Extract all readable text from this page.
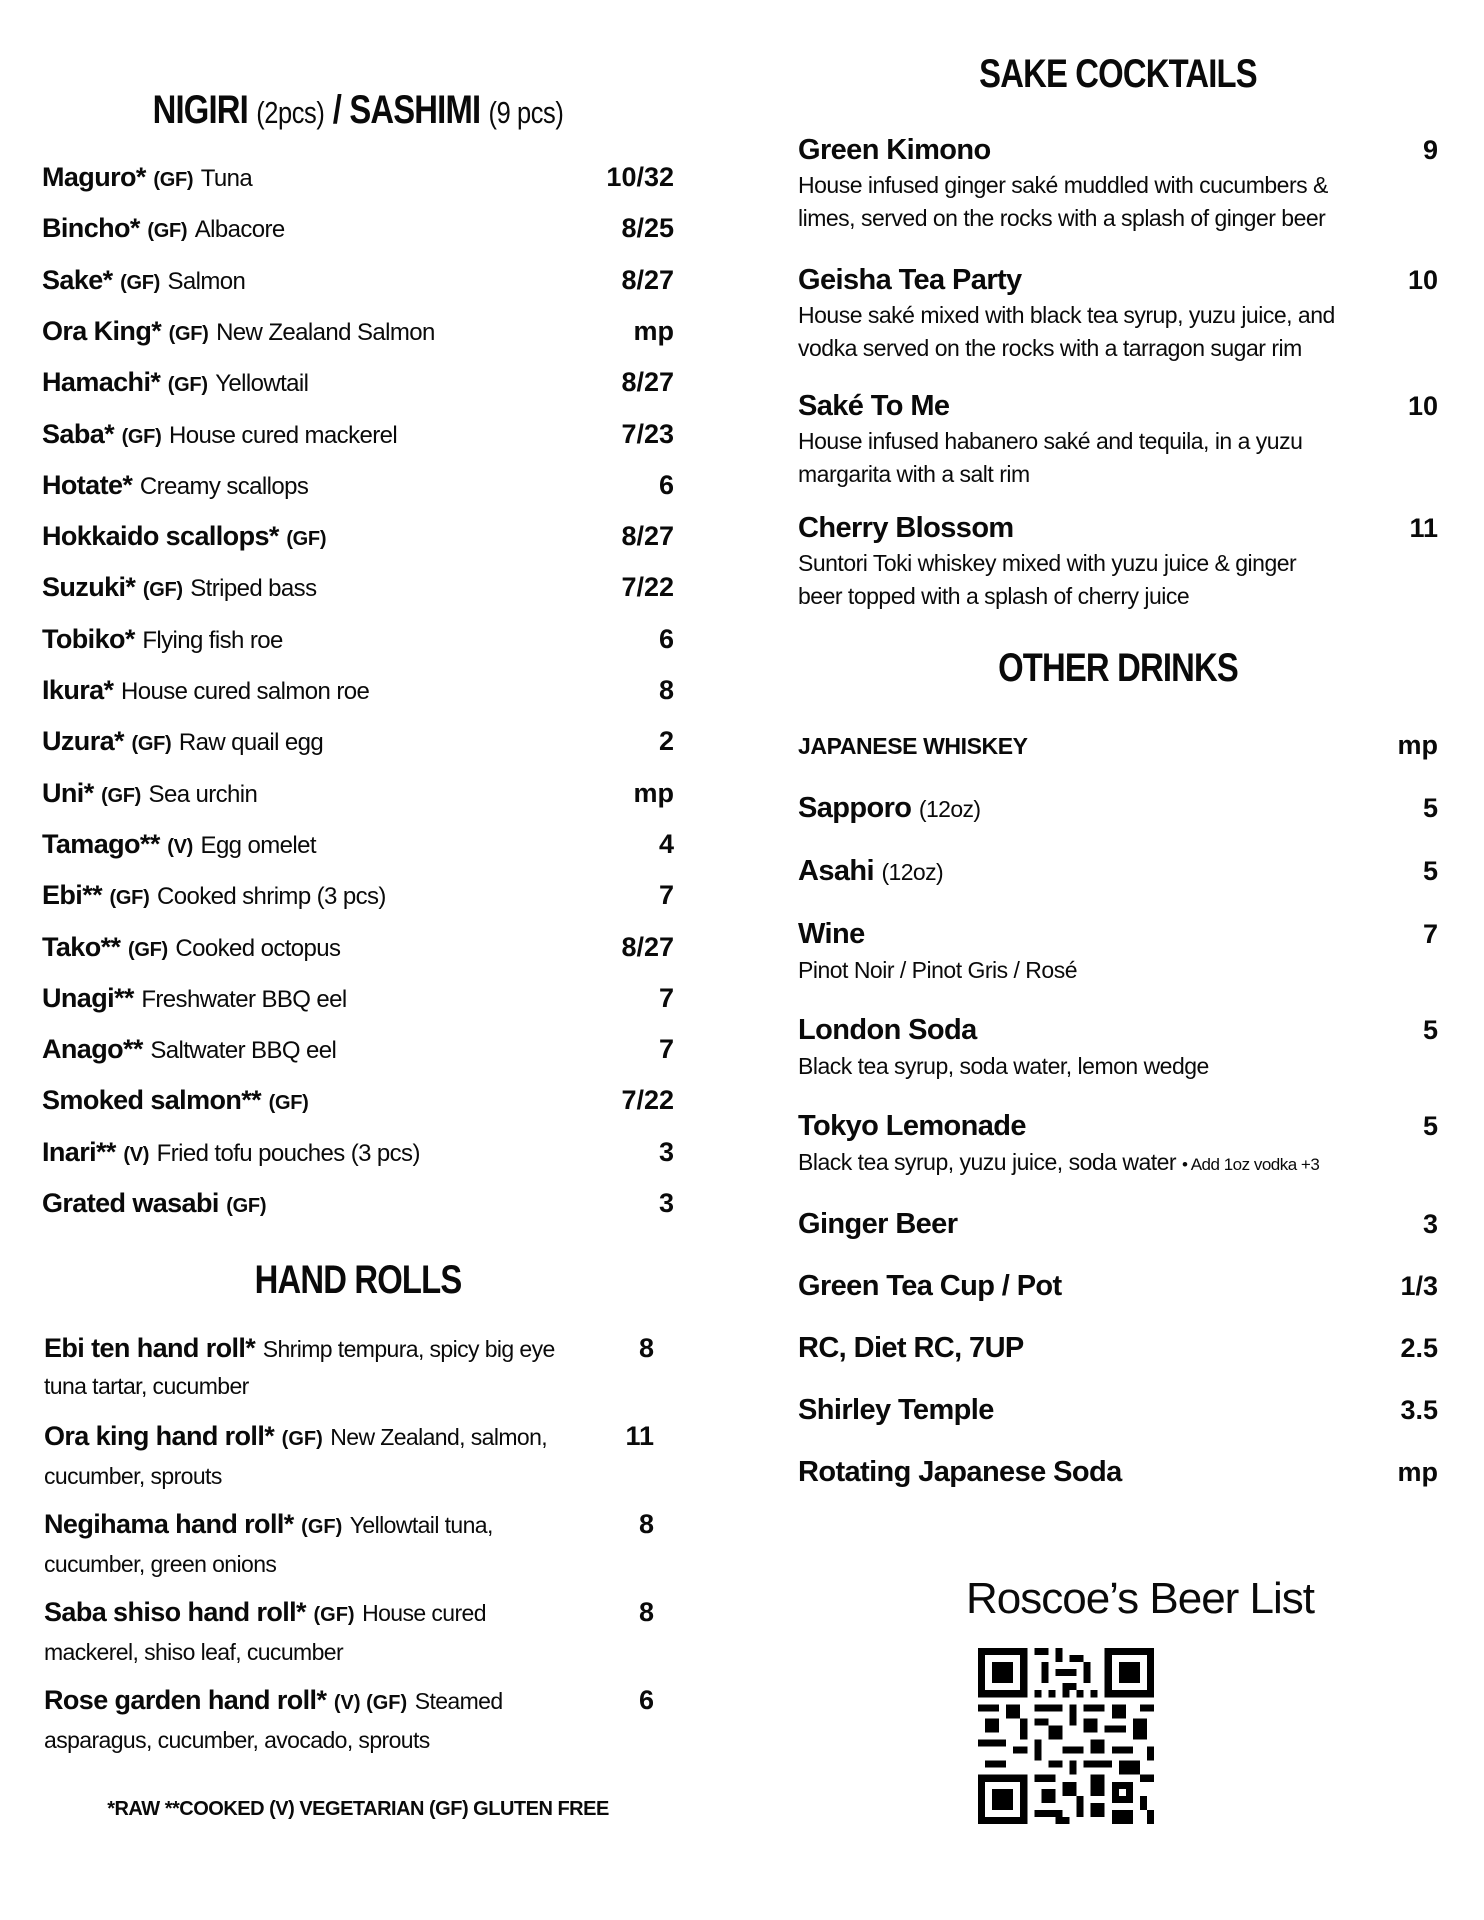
NIGIRI (2pcs) / SASHIMI (9 pcs)
Maguro* (GF) Tuna	10/32
Bincho* (GF) Albacore	8/25
Sake* (GF) Salmon	8/27
Ora King* (GF) New Zealand Salmon	mp
Hamachi* (GF) Yellowtail	8/27
Saba* (GF) House cured mackerel	7/23
Hotate* Creamy scallops	6
Hokkaido scallops* (GF)	8/27
Suzuki* (GF) Striped bass	7/22
Tobiko* Flying fish roe	6
Ikura* House cured salmon roe	8
Uzura* (GF) Raw quail egg	2
Uni* (GF) Sea urchin	mp
Tamago** (V) Egg omelet	4
Ebi** (GF) Cooked shrimp (3 pcs)	7
Tako** (GF) Cooked octopus	8/27
Unagi** Freshwater BBQ eel	7
Anago** Saltwater BBQ eel	7
Smoked salmon** (GF)	7/22
Inari** (V) Fried tofu pouches (3 pcs)	3
Grated wasabi (GF)	3
HAND ROLLS
Ebi ten hand roll* Shrimp tempura, spicy big eye tuna tartar, cucumber
8
Ora king hand roll* (GF) New Zealand, salmon, cucumber, sprouts
11
Negihama hand roll* (GF) Yellowtail tuna, cucumber, green onions
8
Saba shiso hand roll* (GF) House cured mackerel, shiso leaf, cucumber
8
Rose garden hand roll* (V) (GF) Steamed asparagus, cucumber, avocado, sprouts
6
*RAW **COOKED (V) VEGETARIAN (GF) GLUTEN FREE
SAKE COCKTAILS
Green Kimono	9
House infused ginger saké muddled with cucumbers & limes, served on the rocks with a splash of ginger beer
Geisha Tea Party	10
House saké mixed with black tea syrup, yuzu juice, and vodka served on the rocks with a tarragon sugar rim
Saké To Me	10
House infused habanero saké and tequila, in a yuzu margarita with a salt rim
Cherry Blossom	11
Suntori Toki whiskey mixed with yuzu juice & ginger beer topped with a splash of cherry juice
OTHER DRINKS
JAPANESE WHISKEY	mp
Sapporo (12oz)	5
Asahi (12oz)	5
Wine	7
Pinot Noir / Pinot Gris / Rosé
London Soda	5
Black tea syrup, soda water, lemon wedge
Tokyo Lemonade	5
Black tea syrup, yuzu juice, soda water • Add 1oz vodka +3
Ginger Beer	3
Green Tea Cup / Pot	1/3
RC, Diet RC, 7UP	2.5
Shirley Temple	3.5
Rotating Japanese Soda	mp
Roscoe’s Beer List
